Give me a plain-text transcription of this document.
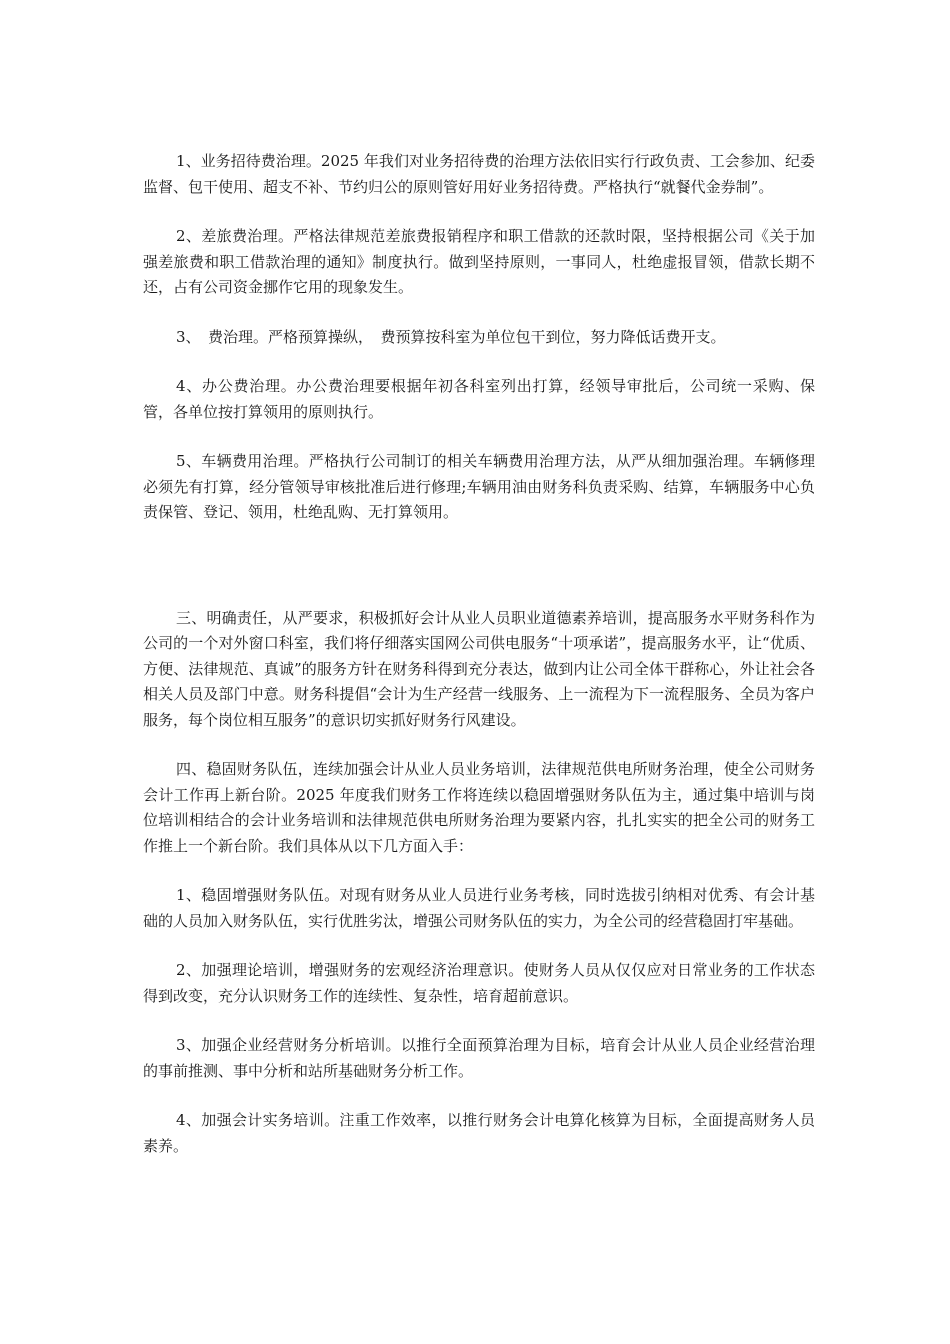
1、业务招待费治理。2025 年我们对业务招待费的治理方法依旧实行行政负责、工会参加、纪委监督、包干使用、超支不补、节约归公的原则管好用好业务招待费。严格执行“就餐代金券制”。

2、差旅费治理。严格法律规范差旅费报销程序和职工借款的还款时限，坚持根据公司《关于加强差旅费和职工借款治理的通知》制度执行。做到坚持原则，一事同人，杜绝虚报冒领，借款长期不还，占有公司资金挪作它用的现象发生。

3、　费治理。严格预算操纵，　费预算按科室为单位包干到位，努力降低话费开支。

4、办公费治理。办公费治理要根据年初各科室列出打算，经领导审批后，公司统一采购、保管，各单位按打算领用的原则执行。

5、车辆费用治理。严格执行公司制订的相关车辆费用治理方法，从严从细加强治理。车辆修理必须先有打算，经分管领导审核批准后进行修理;车辆用油由财务科负责采购、结算，车辆服务中心负责保管、登记、领用，杜绝乱购、无打算领用。

三、明确责任，从严要求，积极抓好会计从业人员职业道德素养培训，提高服务水平财务科作为公司的一个对外窗口科室，我们将仔细落实国网公司供电服务“十项承诺”，提高服务水平，让“优质、方便、法律规范、真诚”的服务方针在财务科得到充分表达，做到内让公司全体干群称心，外让社会各相关人员及部门中意。财务科提倡“会计为生产经营一线服务、上一流程为下一流程服务、全员为客户服务，每个岗位相互服务”的意识切实抓好财务行风建设。

四、稳固财务队伍，连续加强会计从业人员业务培训，法律规范供电所财务治理，使全公司财务会计工作再上新台阶。2025 年度我们财务工作将连续以稳固增强财务队伍为主，通过集中培训与岗位培训相结合的会计业务培训和法律规范供电所财务治理为要紧内容，扎扎实实的把全公司的财务工作推上一个新台阶。我们具体从以下几方面入手：

1、稳固增强财务队伍。对现有财务从业人员进行业务考核，同时选拔引纳相对优秀、有会计基础的人员加入财务队伍，实行优胜劣汰，增强公司财务队伍的实力，为全公司的经营稳固打牢基础。

2、加强理论培训，增强财务的宏观经济治理意识。使财务人员从仅仅应对日常业务的工作状态得到改变，充分认识财务工作的连续性、复杂性，培育超前意识。

3、加强企业经营财务分析培训。以推行全面预算治理为目标，培育会计从业人员企业经营治理的事前推测、事中分析和站所基础财务分析工作。

4、加强会计实务培训。注重工作效率，以推行财务会计电算化核算为目标，全面提高财务人员素养。
